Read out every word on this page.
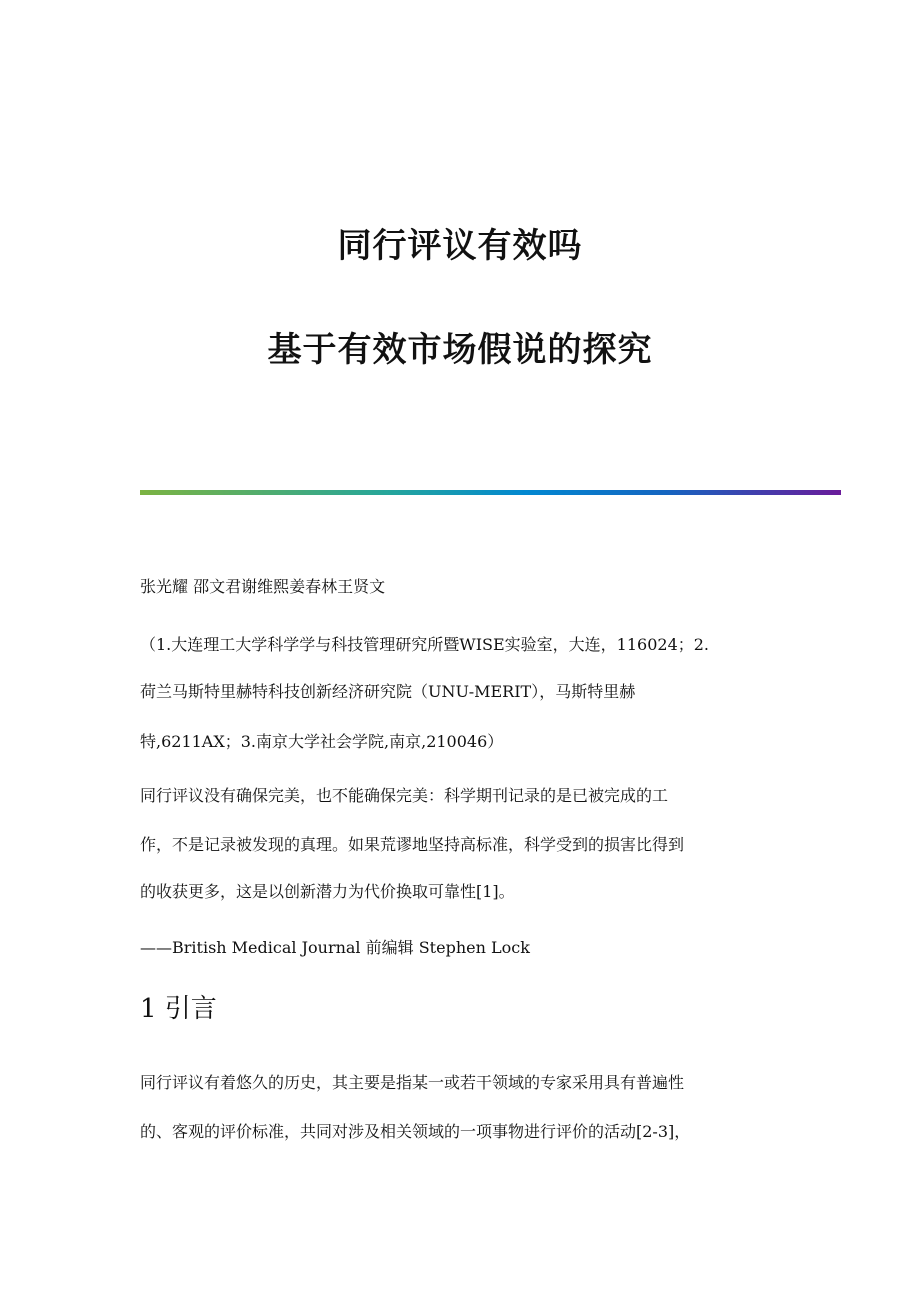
同行评议有效吗
基于有效市场假说的探究
张光耀 邵文君谢维熙姜春林王贤文
（1.大连理工大学科学学与科技管理研究所暨WISE实验室，大连，116024；2.
荷兰马斯特里赫特科技创新经济研究院（UNU-MERIT），马斯特里赫
特,6211AX；3.南京大学社会学院,南京,210046）
同行评议没有确保完美，也不能确保完美：科学期刊记录的是已被完成的工
作，不是记录被发现的真理。如果荒谬地坚持高标准，科学受到的损害比得到
的收获更多，这是以创新潜力为代价换取可靠性[1]。
——British Medical Journal 前编辑 Stephen Lock
1 引言
同行评议有着悠久的历史，其主要是指某一或若干领域的专家采用具有普遍性
的、客观的评价标准，共同对涉及相关领域的一项事物进行评价的活动[2-3]，
